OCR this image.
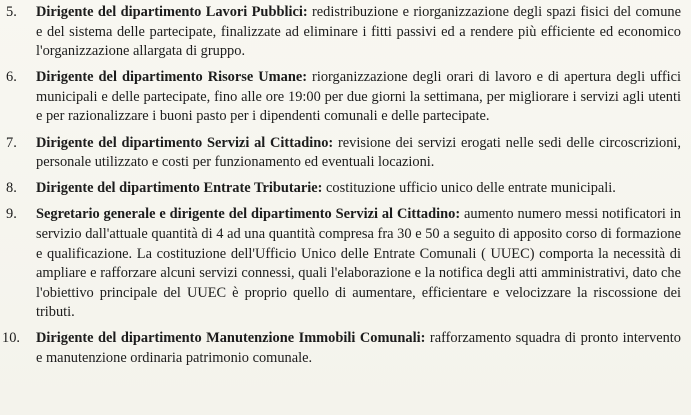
5. Dirigente del dipartimento Lavori Pubblici: redistribuzione e riorganizzazione degli spazi fisici del comune e del sistema delle partecipate, finalizzate ad eliminare i fitti passivi ed a rendere più efficiente ed economico l'organizzazione allargata di gruppo.
6. Dirigente del dipartimento Risorse Umane: riorganizzazione degli orari di lavoro e di apertura degli uffici municipali e delle partecipate, fino alle ore 19:00 per due giorni la settimana, per migliorare i servizi agli utenti e per razionalizzare i buoni pasto per i dipendenti comunali e delle partecipate.
7. Dirigente del dipartimento Servizi al Cittadino: revisione dei servizi erogati nelle sedi delle circoscrizioni, personale utilizzato e costi per funzionamento ed eventuali locazioni.
8. Dirigente del dipartimento Entrate Tributarie: costituzione ufficio unico delle entrate municipali.
9. Segretario generale e dirigente del dipartimento Servizi al Cittadino: aumento numero messi notificatori in servizio dall'attuale quantità di 4 ad una quantità compresa fra 30 e 50 a seguito di apposito corso di formazione e qualificazione. La costituzione dell'Ufficio Unico delle Entrate Comunali ( UUEC) comporta la necessità di ampliare e rafforzare alcuni servizi connessi, quali l'elaborazione e la notifica degli atti amministrativi, dato che l'obiettivo principale del UUEC è proprio quello di aumentare, efficientare e velocizzare la riscossione dei tributi.
10. Dirigente del dipartimento Manutenzione Immobili Comunali: rafforzamento squadra di pronto intervento e manutenzione ordinaria patrimonio comunale.
